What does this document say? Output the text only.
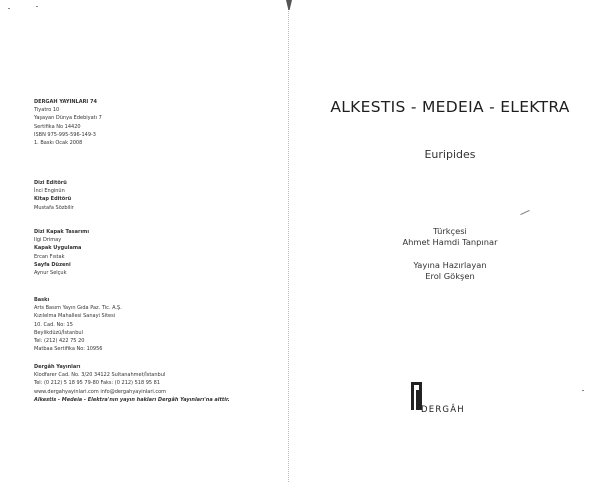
DERGAH YAYINLARI 74
Tiyatro 10
Yaşayan Dünya Edebiyatı 7
Sertifika No 14420
ISBN 975-995-596-149-3
1. Baskı Ocak 2008
Dizi Editörü
İnci Enginün
Kitap Editörü
Mustafa Sözbilir
Dizi Kapak Tasarımı
Ilgi Drimay
Kapak Uygulama
Ercan Fıstak
Sayfa Düzeni
Aynur Selçuk
Baskı
Arts Basım Yayın Gıda Paz. Tic. A.Ş.
Kızılelma Mahallesi Sanayi Sitesi
10. Cad. No: 15
Beylikdüzü/İstanbul
Tel: (212) 422 75 20
Matbaa Sertifika No: 10956
Dergâh Yayınları
Klodfarer Cad. No. 3/20 34122 Sultanahmet/İstanbul
Tel: (0 212) 5 18 95 79-80 Faks: (0 212) 518 95 81
www.dergahyayinlari.com info@dergahyayinlari.com
Alkestis - Medeia - Elektra'nın yayın hakları Dergâh Yayınları'na aittir.
ALKESTIS - MEDEIA - ELEKTRA
Euripides
Türkçesi
Ahmet Hamdi Tanpınar
Yayına Hazırlayan
Erol Gökşen
DERGÂH
